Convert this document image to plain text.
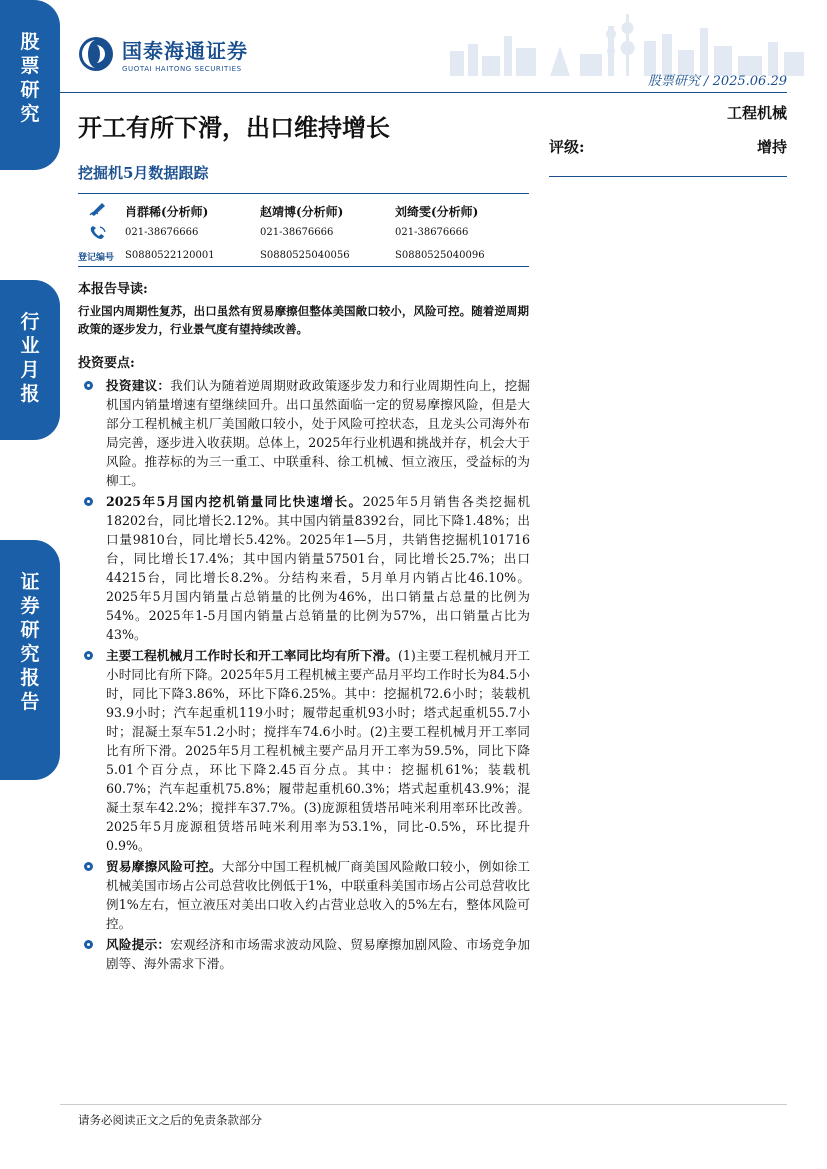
股票研究
行业月报
证券研究报告
国泰海通证券
GUOTAI HAITONG SECURITIES
股票研究 / 2025.06.29
工程机械
开工有所下滑，出口维持增长
挖掘机5月数据跟踪
评级:	增持
登记编号
肖群稀(分析师)
021-38676666
S0880522120001
赵靖博(分析师)
021-38676666
S0880525040056
刘绮雯(分析师)
021-38676666
S0880525040096
本报告导读:
行业国内周期性复苏，出口虽然有贸易摩擦但整体美国敞口较小，风险可控。随着逆周期政策的逐步发力，行业景气度有望持续改善。
投资要点:
投资建议：我们认为随着逆周期财政政策逐步发力和行业周期性向上，挖掘机国内销量增速有望继续回升。出口虽然面临一定的贸易摩擦风险，但是大部分工程机械主机厂美国敞口较小，处于风险可控状态，且龙头公司海外布局完善，逐步进入收获期。总体上，2025年行业机遇和挑战并存，机会大于风险。推荐标的为三一重工、中联重科、徐工机械、恒立液压，受益标的为柳工。
2025年5月国内挖机销量同比快速增长。2025年5月销售各类挖掘机18202台，同比增长2.12%。其中国内销量8392台，同比下降1.48%；出口量9810台，同比增长5.42%。2025年1—5月，共销售挖掘机101716台，同比增长17.4%；其中国内销量57501台，同比增长25.7%；出口44215台，同比增长8.2%。分结构来看，5月单月内销占比46.10%。2025年5月国内销量占总销量的比例为46%，出口销量占总量的比例为54%。2025年1-5月国内销量占总销量的比例为57%，出口销量占比为43%。
主要工程机械月工作时长和开工率同比均有所下滑。(1)主要工程机械月开工小时同比有所下降。2025年5月工程机械主要产品月平均工作时长为84.5小时，同比下降3.86%，环比下降6.25%。其中：挖掘机72.6小时；装载机93.9小时；汽车起重机119小时；履带起重机93小时；塔式起重机55.7小时；混凝土泵车51.2小时；搅拌车74.6小时。(2)主要工程机械月开工率同比有所下滑。2025年5月工程机械主要产品月开工率为59.5%，同比下降5.01个百分点，环比下降2.45百分点。其中：挖掘机61%；装载机60.7%；汽车起重机75.8%；履带起重机60.3%；塔式起重机43.9%；混凝土泵车42.2%；搅拌车37.7%。(3)庞源租赁塔吊吨米利用率环比改善。2025年5月庞源租赁塔吊吨米利用率为53.1%，同比-0.5%，环比提升0.9%。
贸易摩擦风险可控。大部分中国工程机械厂商美国风险敞口较小，例如徐工机械美国市场占公司总营收比例低于1%，中联重科美国市场占公司总营收比例1%左右，恒立液压对美出口收入约占营业总收入的5%左右，整体风险可控。
风险提示：宏观经济和市场需求波动风险、贸易摩擦加剧风险、市场竞争加剧等、海外需求下滑。
请务必阅读正文之后的免责条款部分
